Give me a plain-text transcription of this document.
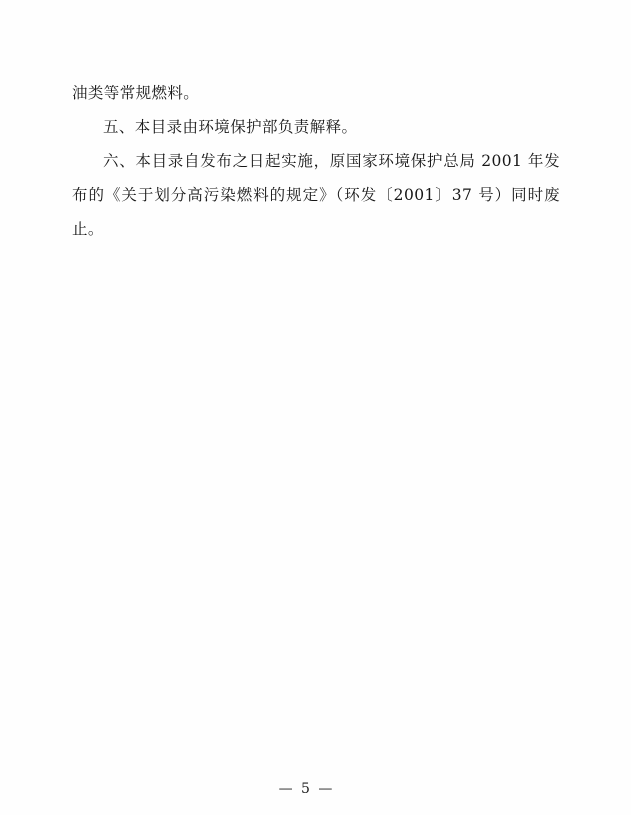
油类等常规燃料。

五、本目录由环境保护部负责解释。

六、本目录自发布之日起实施，原国家环境保护总局 2001 年发布的《关于划分高污染燃料的规定》（环发〔2001〕37 号）同时废止。

— 5 —
